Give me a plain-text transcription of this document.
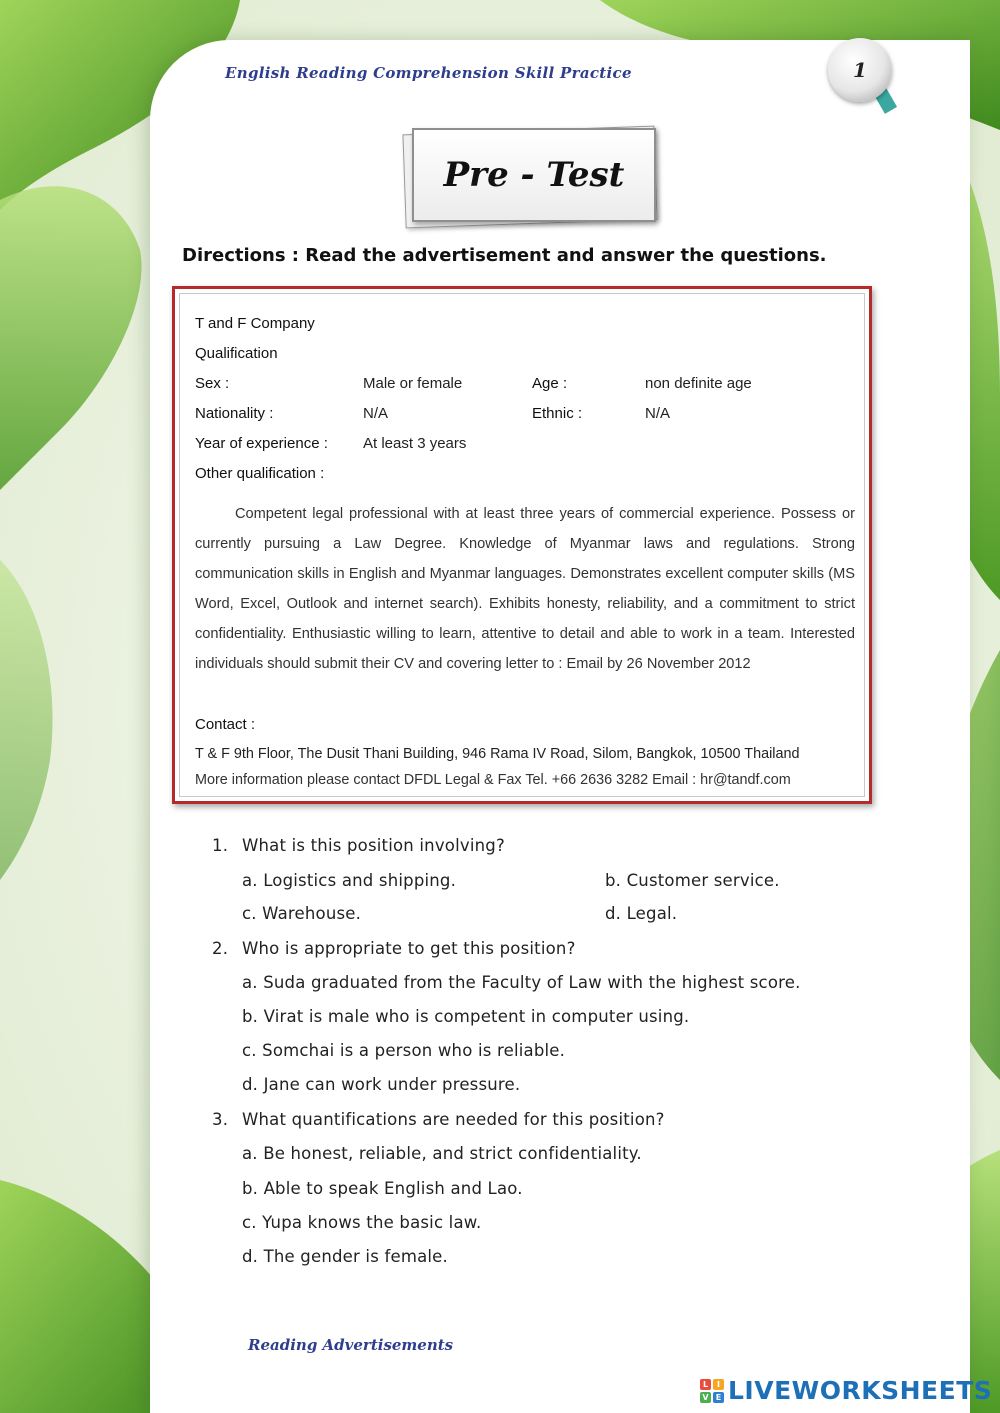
English Reading Comprehension Skill Practice	1
Pre - Test
Directions : Read the advertisement and answer the questions.
T and F Company
Qualification
Sex :	Male or female	Age :	non definite age
Nationality :	N/A	Ethnic :	N/A
Year of experience : At least 3 years
Other qualification :
Competent legal professional with at least three years of commercial experience. Possess or currently pursuing a Law Degree. Knowledge of Myanmar laws and regulations. Strong communication skills in English and Myanmar languages. Demonstrates excellent computer skills (MS Word, Excel, Outlook and internet search). Exhibits honesty, reliability, and a commitment to strict confidentiality. Enthusiastic willing to learn, attentive to detail and able to work in a team. Interested individuals should submit their CV and covering letter to : Email by 26 November 2012
Contact :
T & F 9th Floor, The Dusit Thani Building, 946 Rama IV Road, Silom, Bangkok, 10500 Thailand
More information please contact DFDL Legal & Fax Tel. +66 2636 3282 Email : hr@tandf.com
1. What is this position involving?
a. Logistics and shipping.	b. Customer service.
c. Warehouse.	d. Legal.
2. Who is appropriate to get this position?
a. Suda graduated from the Faculty of Law with the highest score.
b. Virat is male who is competent in computer using.
c. Somchai is a person who is reliable.
d. Jane can work under pressure.
3. What quantifications are needed for this position?
a. Be honest, reliable, and strict confidentiality.
b. Able to speak English and Lao.
c. Yupa knows the basic law.
d. The gender is female.
Reading Advertisements
L	I
V E LIVEWORKSHEETS
